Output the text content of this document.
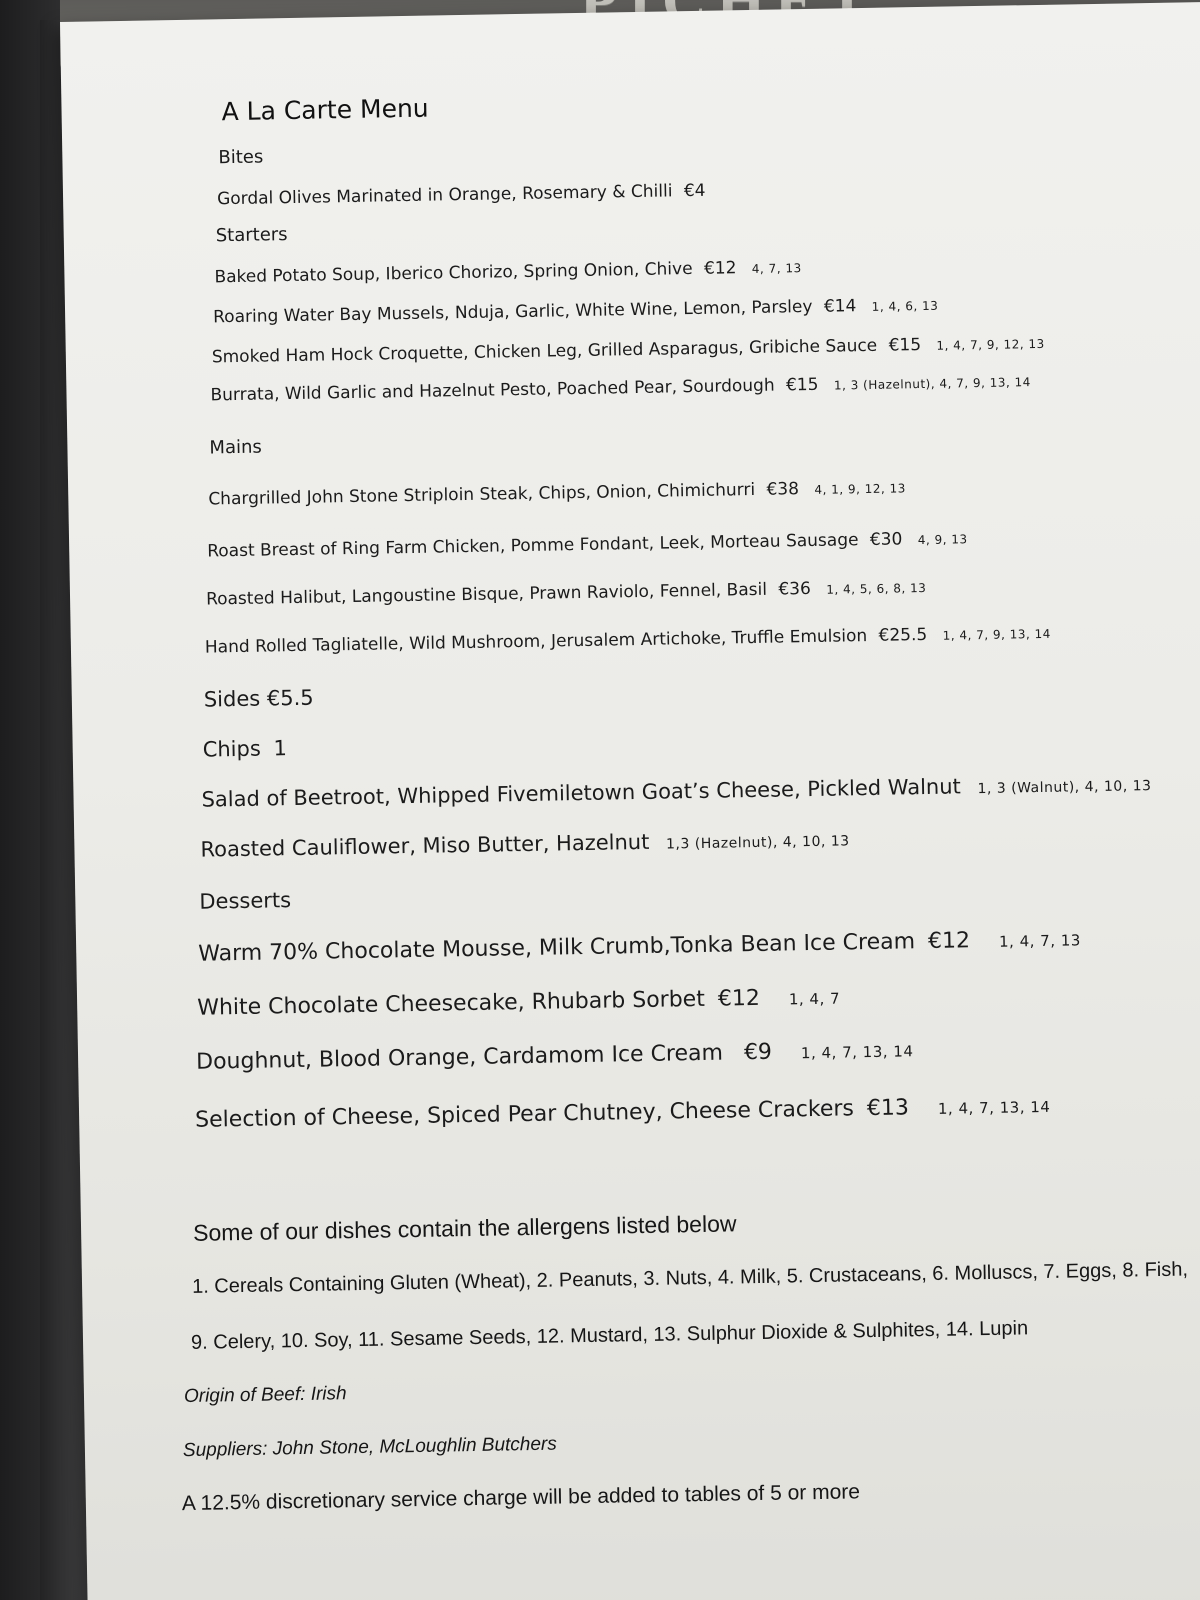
A La Carte Menu
Bites
Gordal Olives Marinated in Orange, Rosemary & Chilli €4
Starters
Baked Potato Soup, Iberico Chorizo, Spring Onion, Chive €12 4, 7, 13
Roaring Water Bay Mussels, Nduja, Garlic, White Wine, Lemon, Parsley €14 1, 4, 6, 13
Smoked Ham Hock Croquette, Chicken Leg, Grilled Asparagus, Gribiche Sauce €15 1, 4, 7, 9, 12, 13
Burrata, Wild Garlic and Hazelnut Pesto, Poached Pear, Sourdough €15 1, 3 (Hazelnut), 4, 7, 9, 13, 14
Mains
Chargrilled John Stone Striploin Steak, Chips, Onion, Chimichurri €38 4, 1, 9, 12, 13
Roast Breast of Ring Farm Chicken, Pomme Fondant, Leek, Morteau Sausage €30 4, 9, 13
Roasted Halibut, Langoustine Bisque, Prawn Raviolo, Fennel, Basil €36 1, 4, 5, 6, 8, 13
Hand Rolled Tagliatelle, Wild Mushroom, Jerusalem Artichoke, Truffle Emulsion €25.5 1, 4, 7, 9, 13, 14
Sides €5.5
Chips 1
Salad of Beetroot, Whipped Fivemiletown Goat’s Cheese, Pickled Walnut 1, 3 (Walnut), 4, 10, 13
Roasted Cauliflower, Miso Butter, Hazelnut 1,3 (Hazelnut), 4, 10, 13
Desserts
Warm 70% Chocolate Mousse, Milk Crumb,Tonka Bean Ice Cream €12 1, 4, 7, 13
White Chocolate Cheesecake, Rhubarb Sorbet €12 1, 4, 7
Doughnut, Blood Orange, Cardamom Ice Cream €9 1, 4, 7, 13, 14
Selection of Cheese, Spiced Pear Chutney, Cheese Crackers €13 1, 4, 7, 13, 14
Some of our dishes contain the allergens listed below
1. Cereals Containing Gluten (Wheat), 2. Peanuts, 3. Nuts, 4. Milk, 5. Crustaceans, 6. Molluscs, 7. Eggs, 8. Fish,
9. Celery, 10. Soy, 11. Sesame Seeds, 12. Mustard, 13. Sulphur Dioxide & Sulphites, 14. Lupin
Origin of Beef: Irish
Suppliers: John Stone, McLoughlin Butchers
A 12.5% discretionary service charge will be added to tables of 5 or more
